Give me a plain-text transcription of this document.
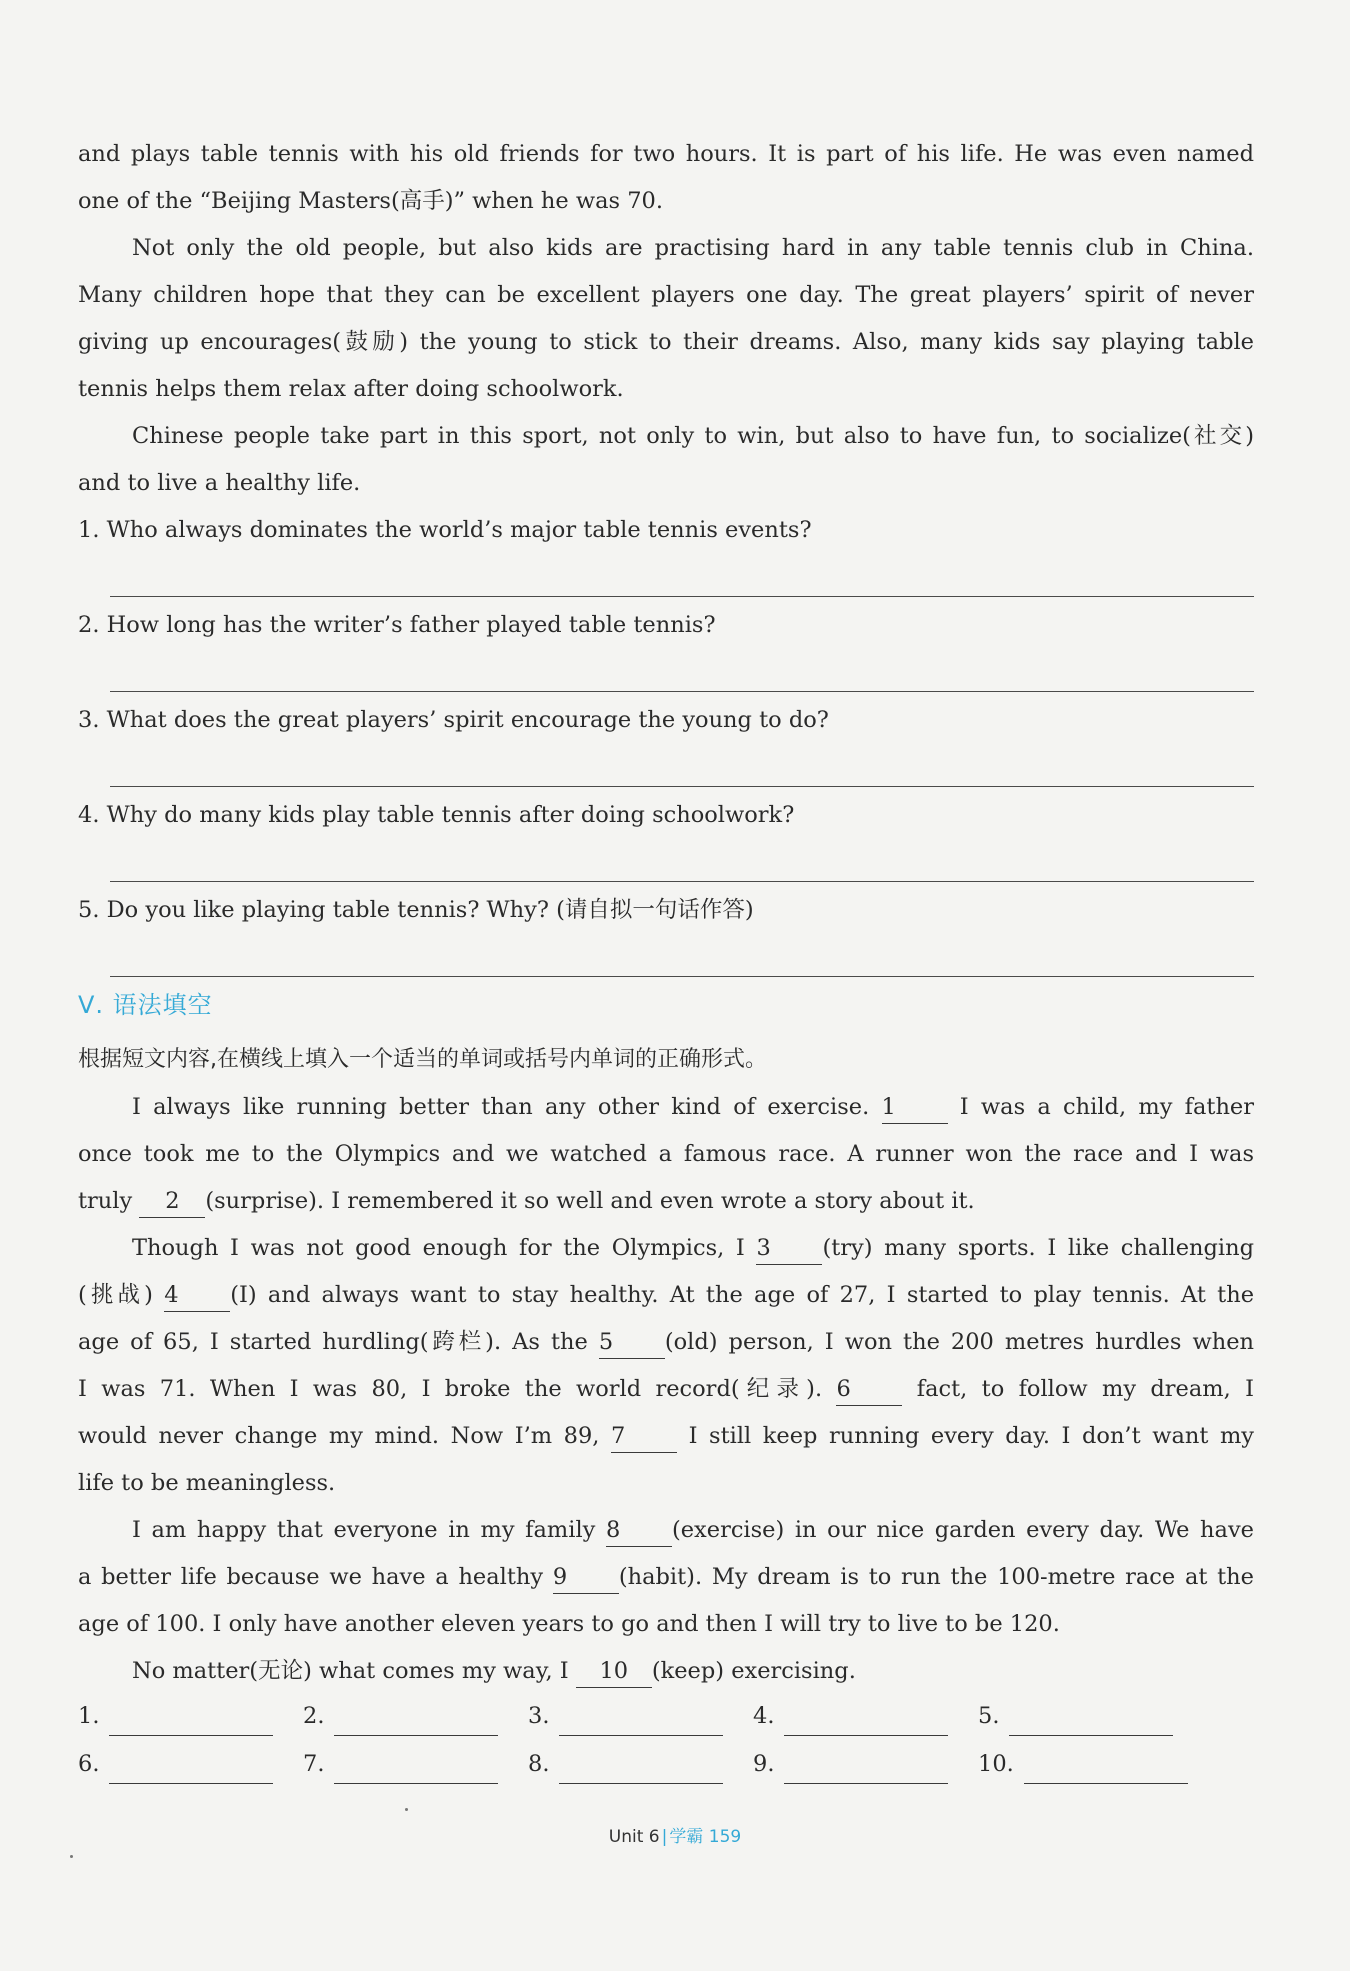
and plays table tennis with his old friends for two hours. It is part of his life. He was even named
one of the “Beijing Masters(高手)” when he was 70.
Not only the old people, but also kids are practising hard in any table tennis club in China.
Many children hope that they can be excellent players one day. The great players’ spirit of never
giving up encourages(鼓励) the young to stick to their dreams. Also, many kids say playing table
tennis helps them relax after doing schoolwork.
Chinese people take part in this sport, not only to win, but also to have fun, to socialize(社交)
and to live a healthy life.
1. Who always dominates the world’s major table tennis events?
2. How long has the writer’s father played table tennis?
3. What does the great players’ spirit encourage the young to do?
4. Why do many kids play table tennis after doing schoolwork?
5. Do you like playing table tennis? Why? (请自拟一句话作答)
Ⅴ. 语法填空
根据短文内容,在横线上填入一个适当的单词或括号内单词的正确形式。
I always like running better than any other kind of exercise. 1	I was a child, my father
once took me to the Olympics and we watched a famous race. A runner won the race and I was
truly 2 (surprise). I remembered it so well and even wrote a story about it.
Though I was not good enough for the Olympics, I 3 (try) many sports. I like challenging
(挑战) 4 (I) and always want to stay healthy. At the age of 27, I started to play tennis. At the
age of 65, I started hurdling(跨栏). As the 5 (old) person, I won the 200 metres hurdles when
I was 71. When I was 80, I broke the world record(纪录). 6	fact, to follow my dream, I
would never change my mind. Now I’m 89, 7	I still keep running every day. I don’t want my
life to be meaningless.
I am happy that everyone in my family 8 (exercise) in our nice garden every day. We have
a better life because we have a healthy 9 (habit). My dream is to run the 100-metre race at the
age of 100. I only have another eleven years to go and then I will try to live to be 120.
No matter(无论) what comes my way, I 10 (keep) exercising.
1.	2.	3.	4.	5.
6.	7.	8.	9.	10.
Unit 6 | 学霸 159
